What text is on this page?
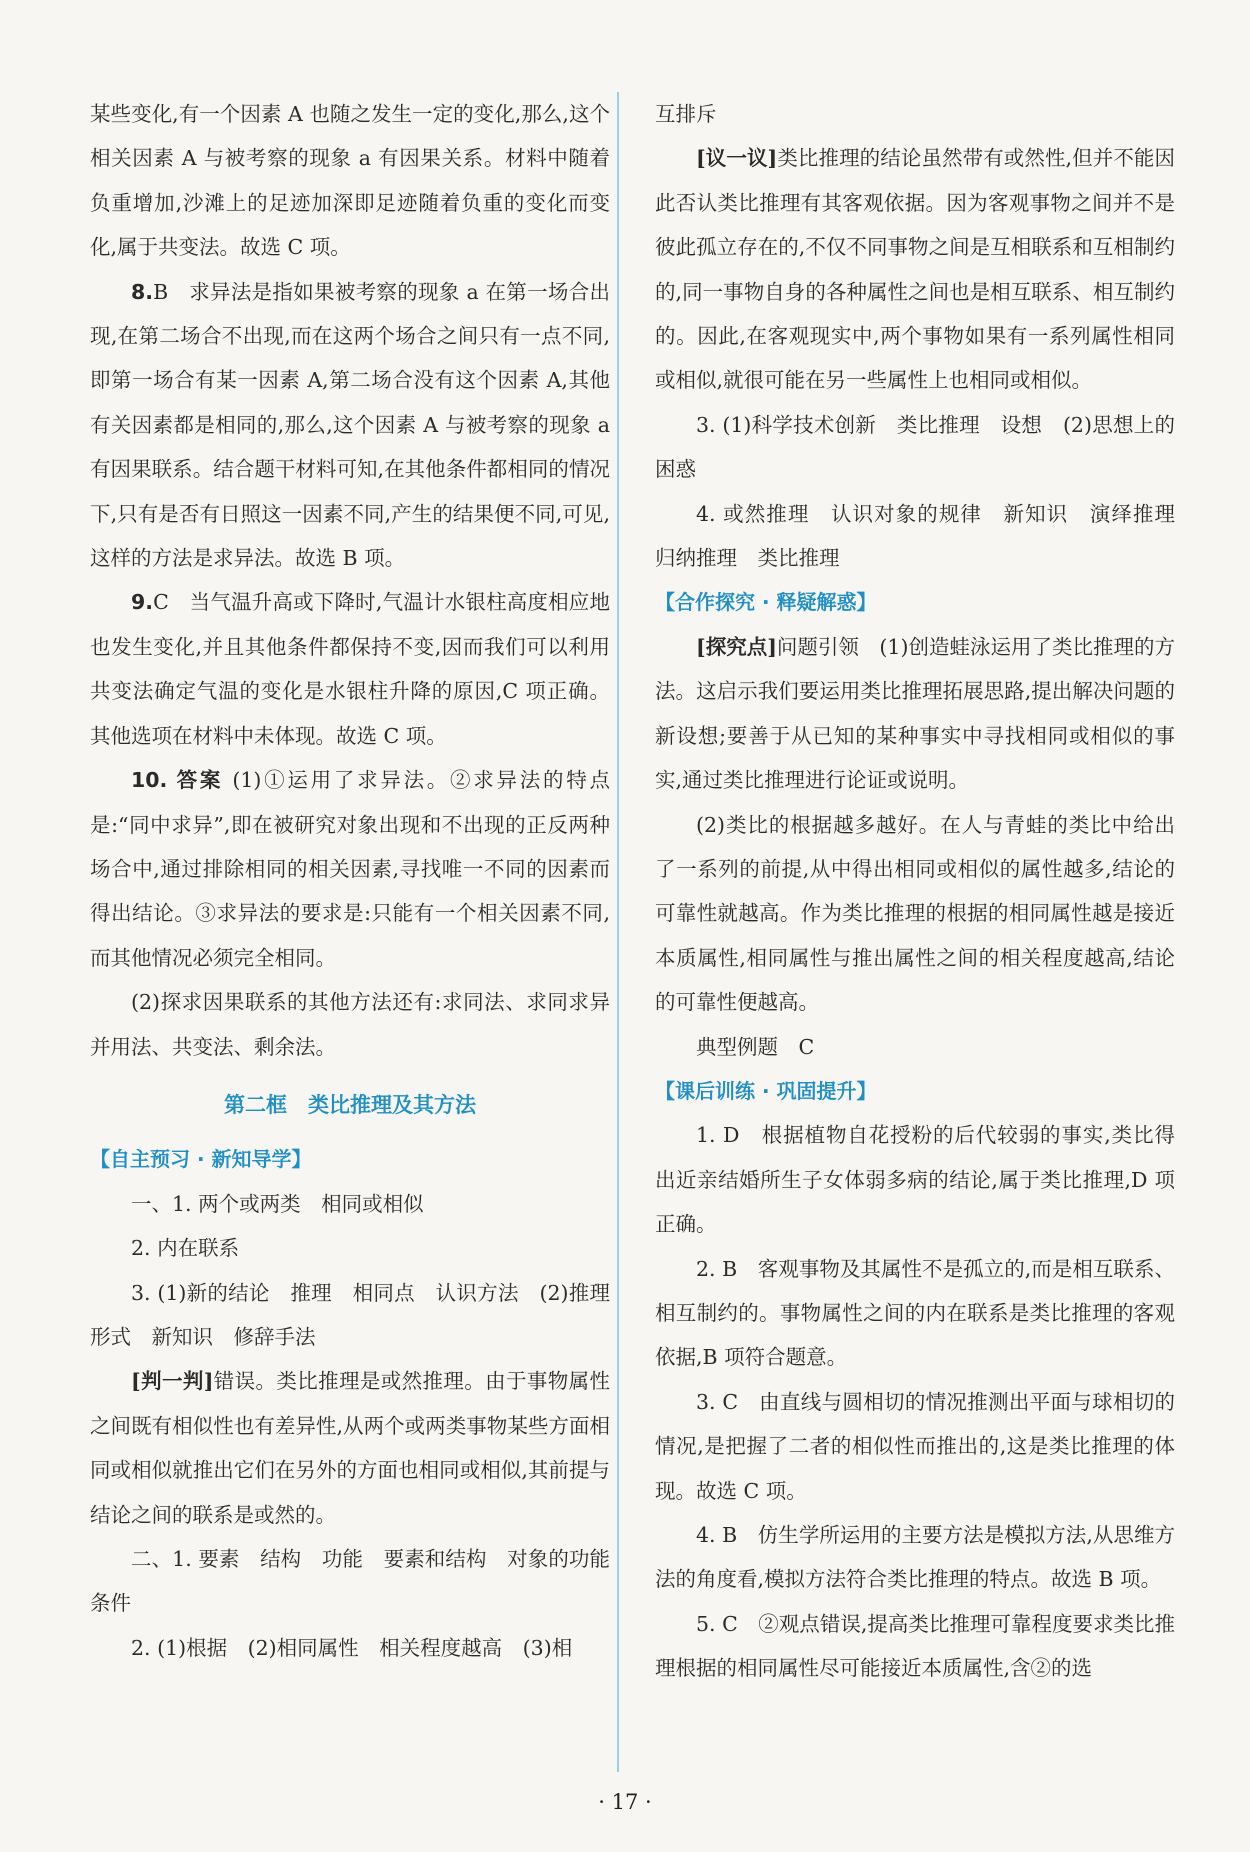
某些变化,有一个因素 A 也随之发生一定的变化,那么,这个相关因素 A 与被考察的现象 a 有因果关系。材料中随着负重增加,沙滩上的足迹加深即足迹随着负重的变化而变化,属于共变法。故选 C 项。

8.B　求异法是指如果被考察的现象 a 在第一场合出现,在第二场合不出现,而在这两个场合之间只有一点不同,即第一场合有某一因素 A,第二场合没有这个因素 A,其他有关因素都是相同的,那么,这个因素 A 与被考察的现象 a 有因果联系。结合题干材料可知,在其他条件都相同的情况下,只有是否有日照这一因素不同,产生的结果便不同,可见,这样的方法是求异法。故选 B 项。

9.C　当气温升高或下降时,气温计水银柱高度相应地也发生变化,并且其他条件都保持不变,因而我们可以利用共变法确定气温的变化是水银柱升降的原因,C 项正确。其他选项在材料中未体现。故选 C 项。

10. 答案 (1)①运用了求异法。②求异法的特点是:“同中求异”,即在被研究对象出现和不出现的正反两种场合中,通过排除相同的相关因素,寻找唯一不同的因素而得出结论。③求异法的要求是:只能有一个相关因素不同,而其他情况必须完全相同。

(2)探求因果联系的其他方法还有:求同法、求同求异并用法、共变法、剩余法。

第二框　类比推理及其方法
【自主预习 · 新知导学】

一、1. 两个或两类　相同或相似

2. 内在联系

3. (1)新的结论　推理　相同点　认识方法　(2)推理形式　新知识　修辞手法

[判一判]错误。类比推理是或然推理。由于事物属性之间既有相似性也有差异性,从两个或两类事物某些方面相同或相似就推出它们在另外的方面也相同或相似,其前提与结论之间的联系是或然的。

二、1. 要素　结构　功能　要素和结构　对象的功能　条件

2. (1)根据　(2)相同属性　相关程度越高　(3)相

互排斥

[议一议]类比推理的结论虽然带有或然性,但并不能因此否认类比推理有其客观依据。因为客观事物之间并不是彼此孤立存在的,不仅不同事物之间是互相联系和互相制约的,同一事物自身的各种属性之间也是相互联系、相互制约的。因此,在客观现实中,两个事物如果有一系列属性相同或相似,就很可能在另一些属性上也相同或相似。

3. (1)科学技术创新　类比推理　设想　(2)思想上的困惑

4. 或然推理　认识对象的规律　新知识　演绎推理　归纳推理　类比推理

【合作探究 · 释疑解惑】

[探究点]问题引领　(1)创造蛙泳运用了类比推理的方法。这启示我们要运用类比推理拓展思路,提出解决问题的新设想;要善于从已知的某种事实中寻找相同或相似的事实,通过类比推理进行论证或说明。

(2)类比的根据越多越好。在人与青蛙的类比中给出了一系列的前提,从中得出相同或相似的属性越多,结论的可靠性就越高。作为类比推理的根据的相同属性越是接近本质属性,相同属性与推出属性之间的相关程度越高,结论的可靠性便越高。

典型例题　C

【课后训练 · 巩固提升】

1. D　根据植物自花授粉的后代较弱的事实,类比得出近亲结婚所生子女体弱多病的结论,属于类比推理,D 项正确。

2. B　客观事物及其属性不是孤立的,而是相互联系、相互制约的。事物属性之间的内在联系是类比推理的客观依据,B 项符合题意。

3. C　由直线与圆相切的情况推测出平面与球相切的情况,是把握了二者的相似性而推出的,这是类比推理的体现。故选 C 项。

4. B　仿生学所运用的主要方法是模拟方法,从思维方法的角度看,模拟方法符合类比推理的特点。故选 B 项。

5. C　②观点错误,提高类比推理可靠程度要求类比推理根据的相同属性尽可能接近本质属性,含②的选

· 17 ·
